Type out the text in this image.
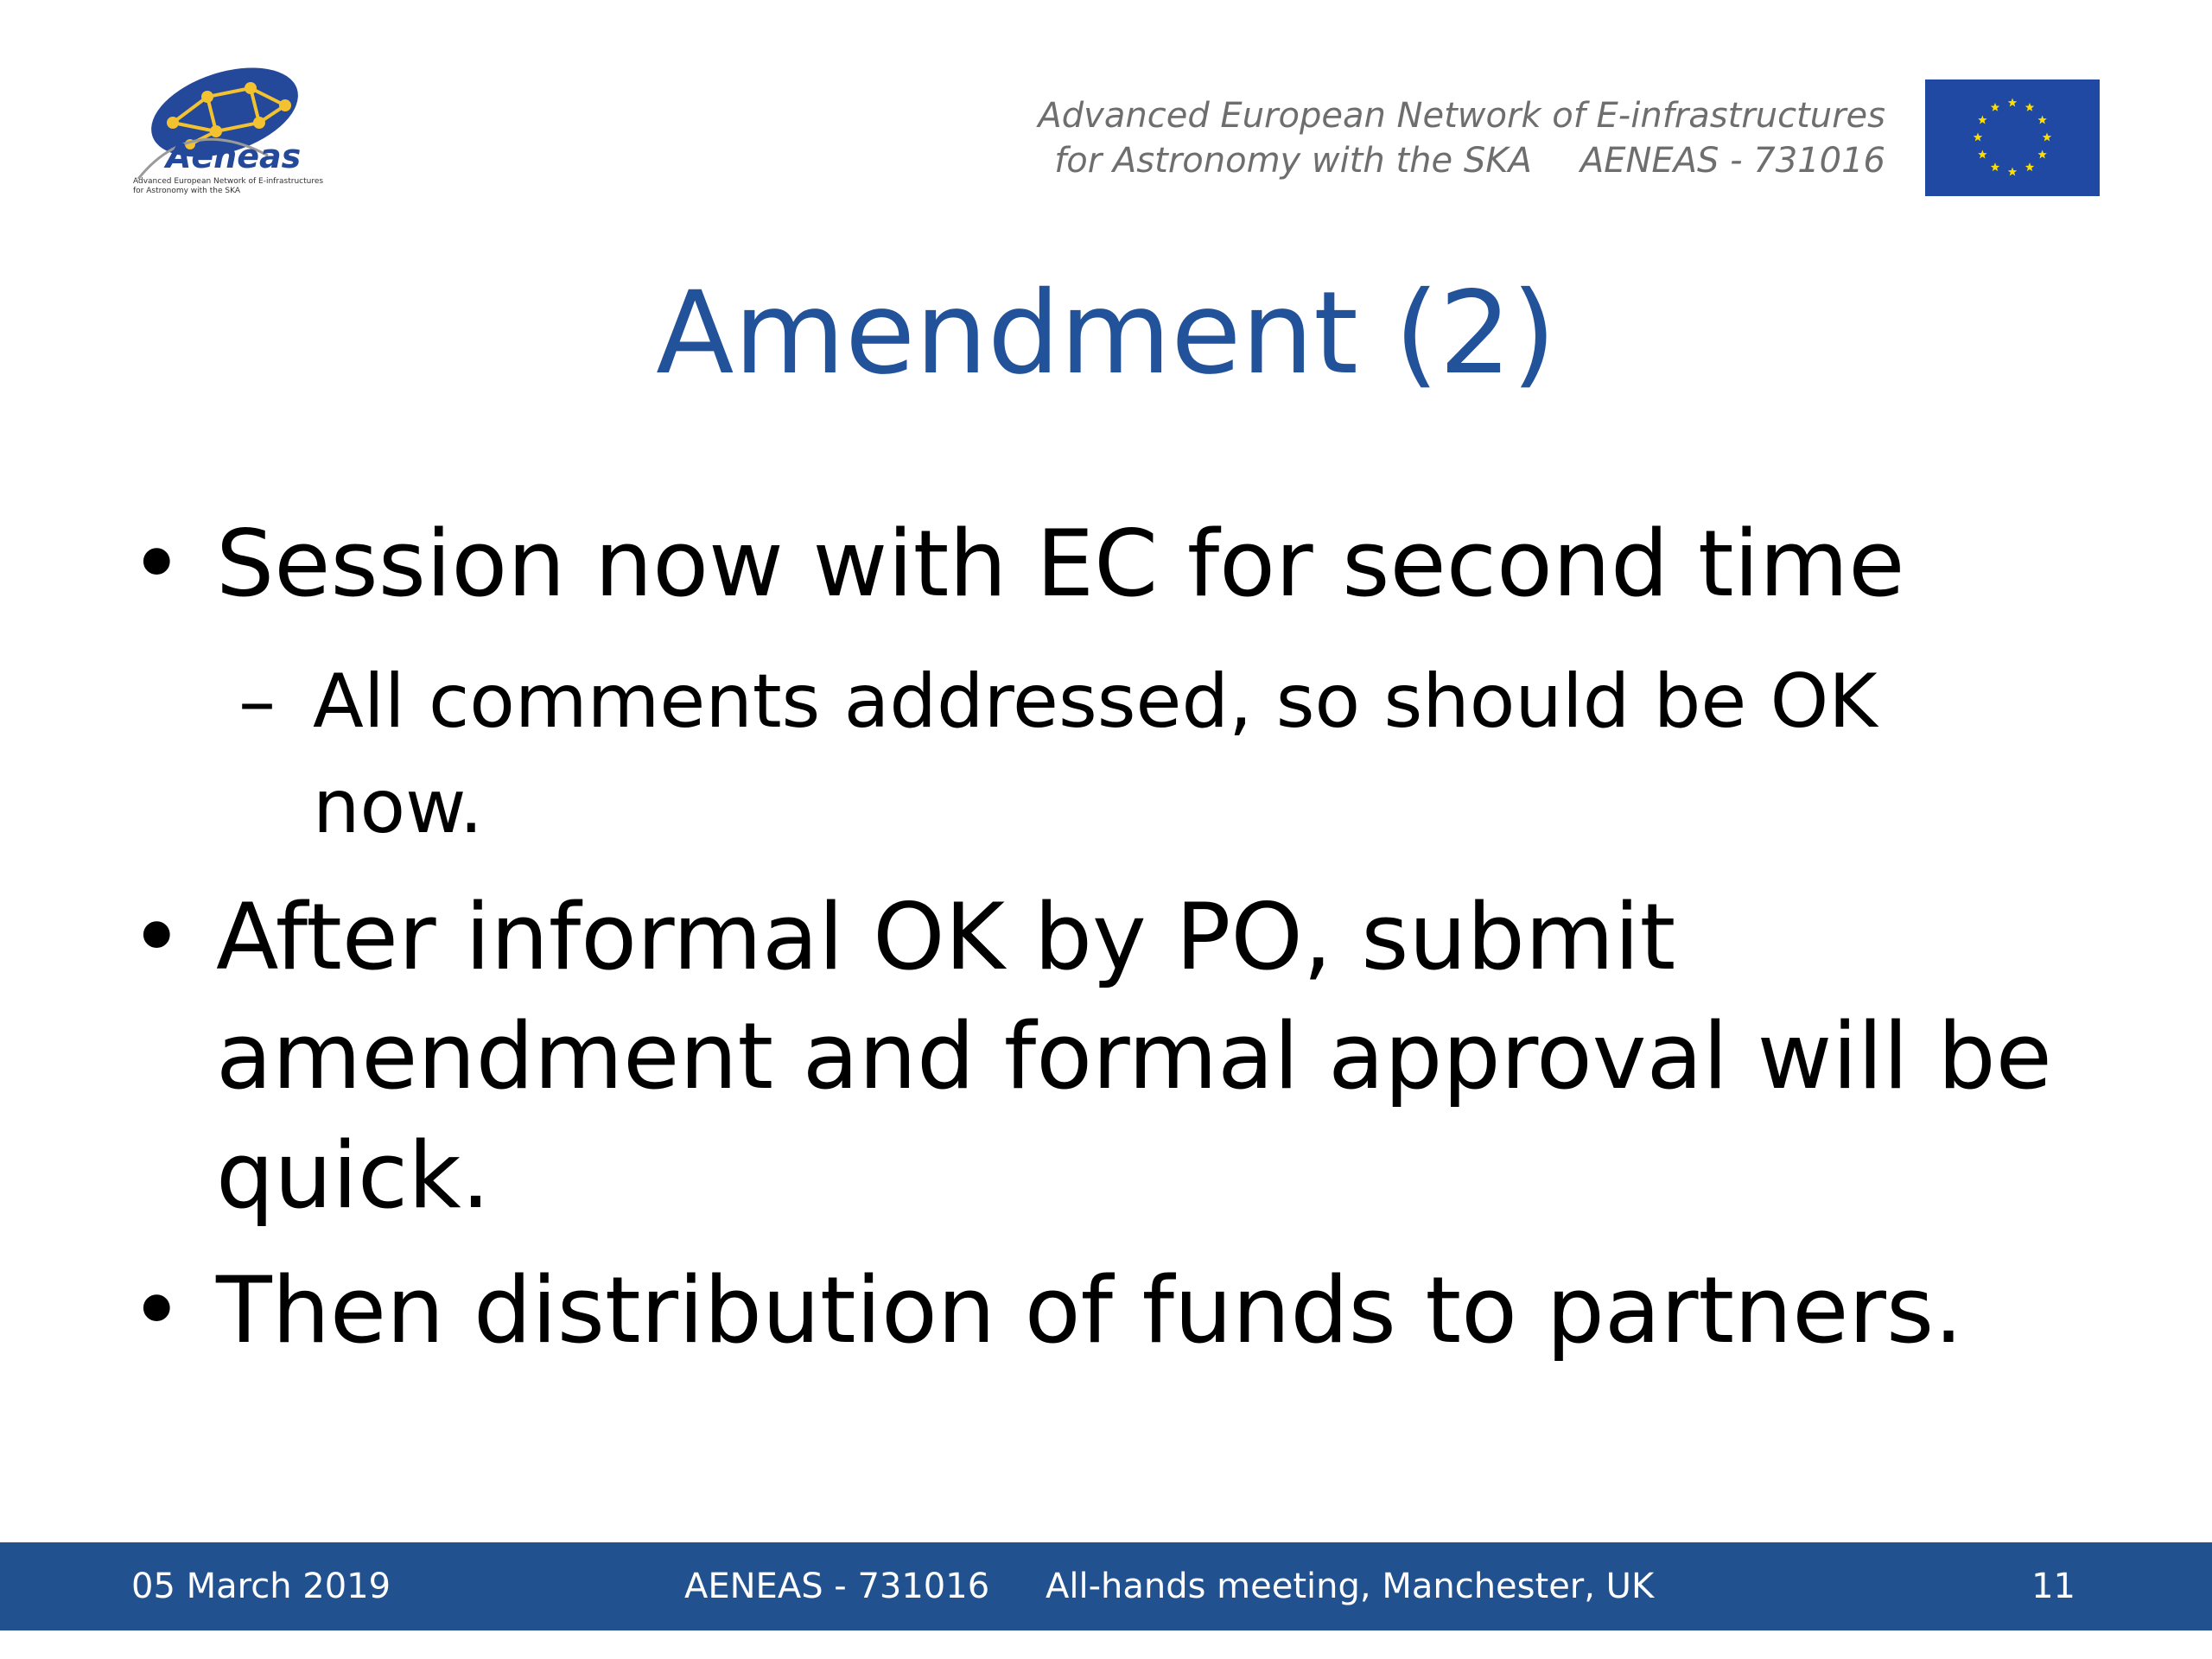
Aeneas
Advanced European Network of E-infrastructures
for Astronomy with the SKA
Advanced European Network of E-infrastructures
for Astronomy with the SKA AENEAS - 731016
Amendment (2)
• Session now with EC for second time
– All comments addressed, so should be OK
now.
• After informal OK by PO, submit
amendment and formal approval will be
quick.
• Then distribution of funds to partners.
05 March 2019	AENEAS - 731016 All-hands meeting, Manchester, UK	11
